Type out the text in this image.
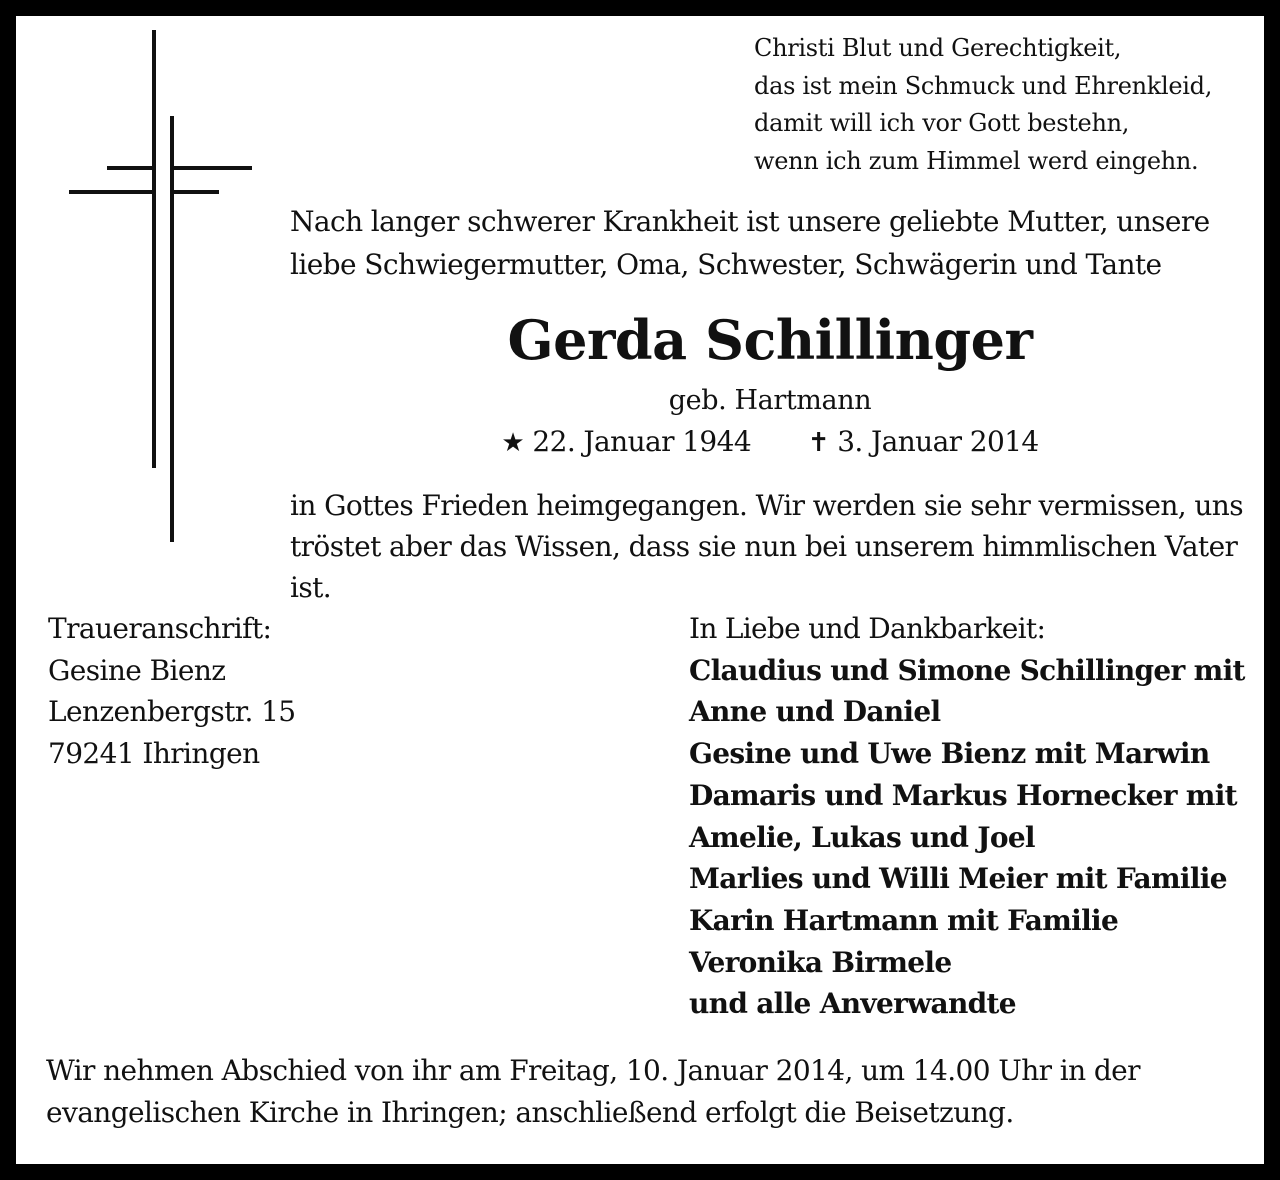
Christi Blut und Gerechtigkeit,
das ist mein Schmuck und Ehrenkleid,
damit will ich vor Gott bestehn,
wenn ich zum Himmel werd eingehn.
Nach langer schwerer Krankheit ist unsere geliebte Mutter, unsere
liebe Schwiegermutter, Oma, Schwester, Schwägerin und Tante
Gerda Schillinger
geb. Hartmann
★ 22. Januar 1944 ✝ 3. Januar 2014
in Gottes Frieden heimgegangen. Wir werden sie sehr vermissen, uns
tröstet aber das Wissen, dass sie nun bei unserem himmlischen Vater
ist.
Traueranschrift:
Gesine Bienz
Lenzenbergstr. 15
79241 Ihringen
In Liebe und Dankbarkeit:
Claudius und Simone Schillinger mit
Anne und Daniel
Gesine und Uwe Bienz mit Marwin
Damaris und Markus Hornecker mit
Amelie, Lukas und Joel
Marlies und Willi Meier mit Familie
Karin Hartmann mit Familie
Veronika Birmele
und alle Anverwandte
Wir nehmen Abschied von ihr am Freitag, 10. Januar 2014, um 14.00 Uhr in der
evangelischen Kirche in Ihringen; anschließend erfolgt die Beisetzung.
